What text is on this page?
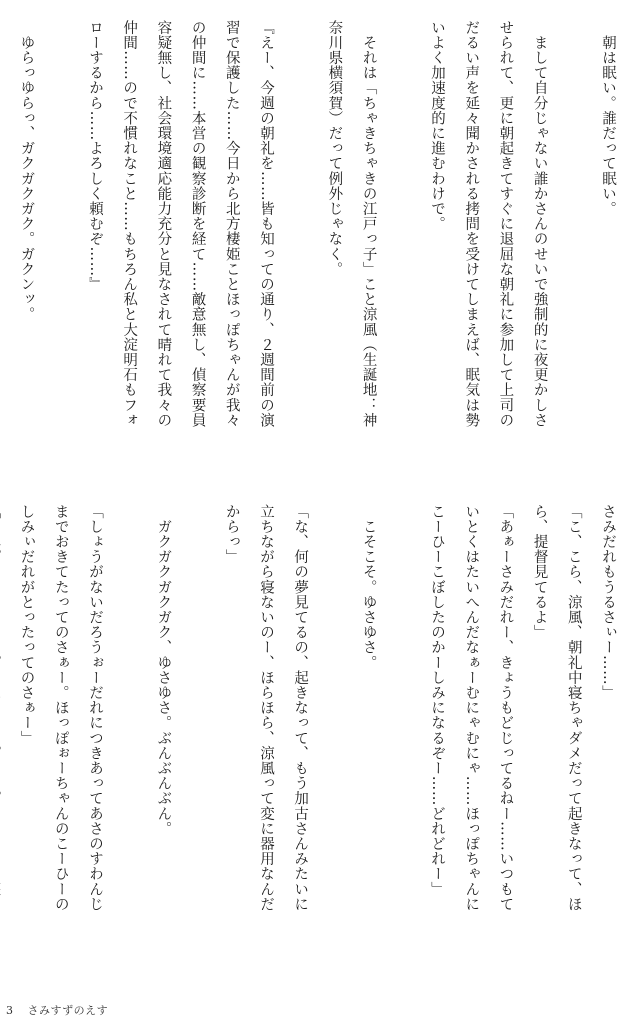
　朝は眠い。誰だって眠い。

　まして自分じゃない誰かさんのせいで強制的に夜更かしさ
せられて、更に朝起きてすぐに退屈な朝礼に参加して上司の
だるい声を延々聞かされる拷問を受けてしまえば、眠気は勢
いよく加速度的に進むわけで。

　それは「ちゃきちゃきの江戸っ子」こと涼風（生誕地：神
奈川県横須賀）だって例外じゃなく。

『えー、今週の朝礼を……皆も知っての通り、２週間前の演
習で保護した……今日から北方棲姫ことほっぽちゃんが我々
の仲間に……本営の観察診断を経て……敵意無し、偵察要員
容疑無し、社会環境適応能力充分と見なされて晴れて我々の
仲間……ので不慣れなこと……もちろん私と大淀明石もフォ
ローするから……よろしく頼むぞ……』

　ゆらっゆらっ、ガクガクガク。ガクンッ。

さみだれもうるさぃー……」
「こ、こら、涼風、朝礼中寝ちゃダメだって起きなって、ほ
ら、提督見てるよ」
「あぁーさみだれー、きょうもどじってるねー……いつもて
いとくはたいへんだなぁーむにゃむにゃ……ほっぽちゃんに
こーひーこぼしたのかーしみになるぞー……どれどれー」

　こそこそ。ゆさゆさ。

「な、何の夢見てるの、起きなって、もう加古さんみたいに
立ちながら寝ないのー、ほらほら、涼風って変に器用なんだ
からっ」

　ガクガクガクガク、ゆさゆさ。ぶんぶんぶん。

「しょうがないだろうぉーだれにつきあってあさのすわんじ
までおきてたってのさぁー。ほっぽぉーちゃんのこーひーの
しみぃだれがとったってのさぁー」
3 さみすずのえす
